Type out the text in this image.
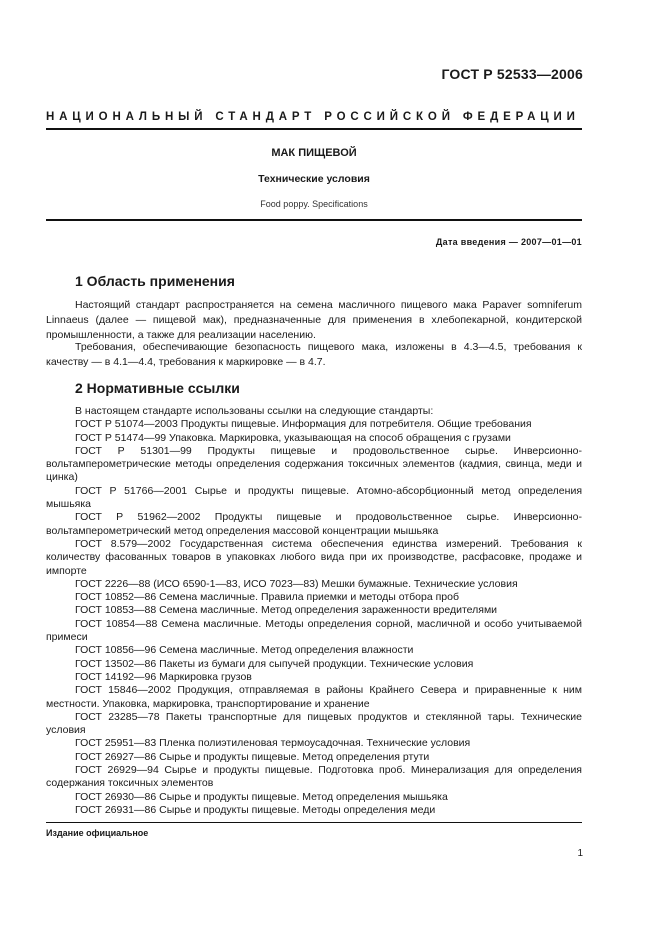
ГОСТ Р 52533—2006
НАЦИОНАЛЬНЫЙ СТАНДАРТ РОССИЙСКОЙ ФЕДЕРАЦИИ
МАК ПИЩЕВОЙ
Технические условия
Food poppy. Specifications
Дата введения — 2007—01—01
1 Область применения

Настоящий стандарт распространяется на семена масличного пищевого мака Papaver somniferum Linnaeus (далее — пищевой мак), предназначенные для применения в хлебопекарной, кондитерской промышленности, а также для реализации населению.

Требования, обеспечивающие безопасность пищевого мака, изложены в 4.3—4.5, требования к качеству — в 4.1—4.4, требования к маркировке — в 4.7.

2 Нормативные ссылки
В настоящем стандарте использованы ссылки на следующие стандарты:
ГОСТ Р 51074—2003 Продукты пищевые. Информация для потребителя. Общие требования
ГОСТ Р 51474—99 Упаковка. Маркировка, указывающая на способ обращения с грузами
ГОСТ Р 51301—99 Продукты пищевые и продовольственное сырье. Инверсионно-вольтамперометрические методы определения содержания токсичных элементов (кадмия, свинца, меди и цинка)
ГОСТ Р 51766—2001 Сырье и продукты пищевые. Атомно-абсорбционный метод определения мышьяка
ГОСТ Р 51962—2002 Продукты пищевые и продовольственное сырье. Инверсионно-вольтамперометрический метод определения массовой концентрации мышьяка
ГОСТ 8.579—2002 Государственная система обеспечения единства измерений. Требования к количеству фасованных товаров в упаковках любого вида при их производстве, расфасовке, продаже и импорте
ГОСТ 2226—88 (ИСО 6590-1—83, ИСО 7023—83) Мешки бумажные. Технические условия
ГОСТ 10852—86 Семена масличные. Правила приемки и методы отбора проб
ГОСТ 10853—88 Семена масличные. Метод определения зараженности вредителями
ГОСТ 10854—88 Семена масличные. Методы определения сорной, масличной и особо учитываемой примеси
ГОСТ 10856—96 Семена масличные. Метод определения влажности
ГОСТ 13502—86 Пакеты из бумаги для сыпучей продукции. Технические условия
ГОСТ 14192—96 Маркировка грузов
ГОСТ 15846—2002 Продукция, отправляемая в районы Крайнего Севера и приравненные к ним местности. Упаковка, маркировка, транспортирование и хранение
ГОСТ 23285—78 Пакеты транспортные для пищевых продуктов и стеклянной тары. Технические условия
ГОСТ 25951—83 Пленка полиэтиленовая термоусадочная. Технические условия
ГОСТ 26927—86 Сырье и продукты пищевые. Метод определения ртути
ГОСТ 26929—94 Сырье и продукты пищевые. Подготовка проб. Минерализация для определения содержания токсичных элементов
ГОСТ 26930—86 Сырье и продукты пищевые. Метод определения мышьяка
ГОСТ 26931—86 Сырье и продукты пищевые. Методы определения меди
Издание официальное
1
